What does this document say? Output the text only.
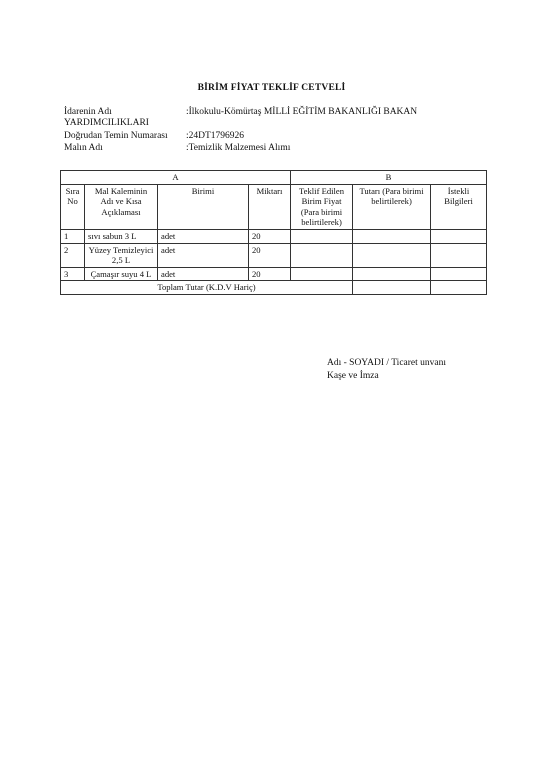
BİRİM FİYAT TEKLİF CETVELİ
İdarenin Adı	:İlkokulu-Kömürtaş MİLLİ EĞİTİM BAKANLIĞI BAKAN
YARDIMCILIKLARI
Doğrudan Temin Numarası :24DT1796926
Malın Adı	:Temizlik Malzemesi Alımı
A				B		
Sıra No	Mal Kaleminin Adı ve Kısa Açıklaması	Birimi	Miktarı	Teklif Edilen Birim Fiyat (Para birimi belirtilerek)	Tutarı (Para birimi belirtilerek)	İstekli Bilgileri
1	sıvı sabun 3 L	adet	20			
2	Yüzey Temizleyici 2,5 L	adet	20			
3	Çamaşır suyu 4 L	adet	20			
Toplam Tutar (K.D.V Hariç)						
Adı - SOYADI / Ticaret unvanı
Kaşe ve İmza
